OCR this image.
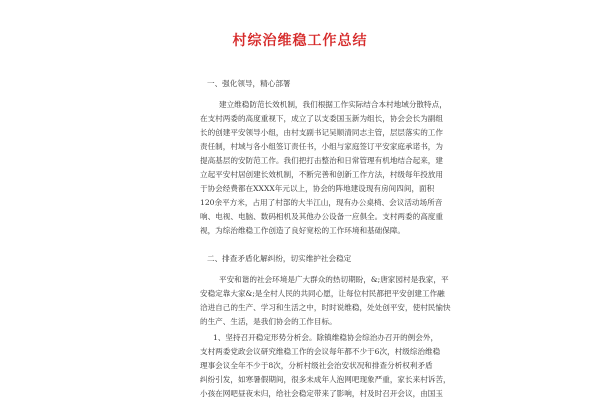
村综治维稳工作总结
一、强化领导，精心部署
建立维稳防范长效机制，我们根据工作实际结合本村地域分散特点，
在支村两委的高度重视下，成立了以支委国玉新为组长，协会会长为副组
长的创建平安领导小组，由村支副书记吴顺清同志主管，层层落实的工作
责任制，村域与各小组签订责任书，小组与家庭签订平安家庭承诺书，为
提高基层的安防范工作。我们把打击整治和日常管理有机地结合起来，建
立起平安村居创建长效机制，不断完善和创新工作方法，村级每年投放用
于协会经费都在XXXX年元以上，协会的阵地建设现有房间四间，面积
120余平方米，占用了村部的大半江山，现有办公桌椅、会议活动场所音
响、电视、电脑、数码相机及其他办公设备一应俱全。支村两委的高度重
视，为综治维稳工作创造了良好宽松的工作环境和基础保障。
二、排查矛盾化解纠纷，切实维护社会稳定
平安和谐的社会环境是广大群众的热切期盼，&;唐家园村是我家，平
安稳定靠大家&;是全村人民的共同心愿，让每位村民都把平安创建工作融
洽进自己的生产、学习和生活之中，时时说维稳，处处创平安，使村民愉快
的生产、生活，是我们协会的工作目标。
1、坚持召开稳定形势分析会。除镇维稳协会综治办召开的例会外，
支村两委党政会议研究维稳工作的会议每年都不少于6次，村级综治维稳
理事会议全年不少于8次，分析村级社会治安状况和排查分析权利矛盾
纠纷引发，如寒暑假期间，很多未成年人泡网吧现象严重，家长来村诉苦，
小孩在网吧昼夜未归，给社会稳定带来了影响，村及时召开会议，由国玉
